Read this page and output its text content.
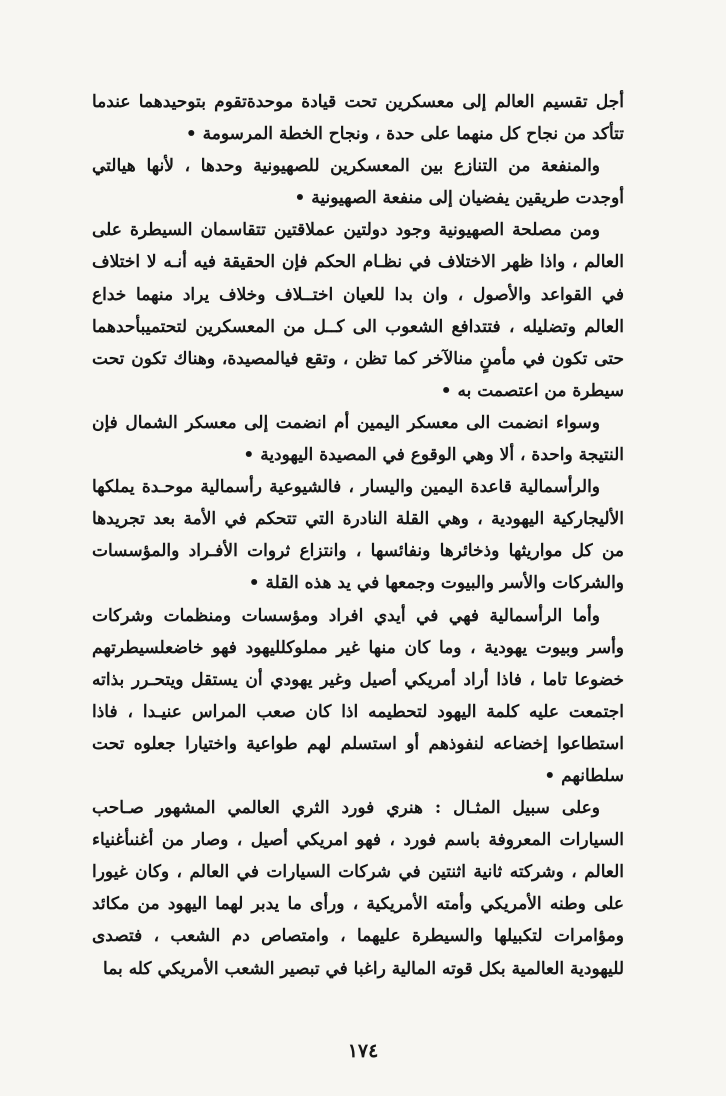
أجل تقسيم العالم إلى معسكرين تحت قيادة موحدةتقوم بتوحيدهما عندما تتأكد من نجاح كل منهما على حدة ، ونجاح الخطة المرسومة •

والمنفعة من التنازع بين المعسكرين للصهيونية وحدها ، لأنها هيالتي أوجدت طريقين يفضيان إلى منفعة الصهيونية •

ومن مصلحة الصهيونية وجود دولتين عملاقتين تتقاسمان السيطرة على العالم ، واذا ظهر الاختلاف في نظـام الحكم فإن الحقيقة فيه أنـه لا اختلاف في القواعد والأصول ، وان بدا للعيان اختــلاف وخلاف يراد منهما خداع العالم وتضليله ، فتتدافع الشعوب الى كــل من المعسكرين لتحتميبأحدهما حتى تكون في مأمنٍ منالآخر كما تظن ، وتقع فيالمصيدة، وهناك تكون تحت سيطرة من اعتصمت به •

وسواء انضمت الى معسكر اليمين أم انضمت إلى معسكر الشمال فإن النتيجة واحدة ، ألا وهي الوقوع في المصيدة اليهودية •

والرأسمالية قاعدة اليمين واليسار ، فالشيوعية رأسمالية موحـدة يملكها الأليجاركية اليهودية ، وهي القلة النادرة التي تتحكم في الأمة بعد تجريدها من كل مواريثها وذخائرها ونفائسها ، وانتزاع ثروات الأفـراد والمؤسسات والشركات والأسر والبيوت وجمعها في يد هذه القلة •

وأما الرأسمالية فهي في أيدي افراد ومؤسسات ومنظمات وشركات وأسر وبيوت يهودية ، وما كان منها غير مملوكلليهود فهو خاضعلسيطرتهم خضوعا تاما ، فاذا أراد أمريكي أصيل وغير يهودي أن يستقل ويتحـرر بذاته اجتمعت عليه كلمة اليهود لتحطيمه اذا كان صعب المراس عنيـدا ، فاذا استطاعوا إخضاعه لنفوذهم أو استسلم لهم طواعية واختيارا جعلوه تحت سلطانهم •

وعلى سبيل المثـال : هنري فورد الثري العالمي المشهور صـاحب السيارات المعروفة باسم فورد ، فهو امريكي أصيل ، وصار من أغنىأغنياء العالم ، وشركته ثانية اثنتين في شركات السيارات في العالم ، وكان غيورا على وطنه الأمريكي وأمته الأمريكية ، ورأى ما يدبر لهما اليهود من مكائد ومؤامرات لتكبيلها والسيطرة عليهما ، وامتصاص دم الشعب ، فتصدى لليهودية العالمية بكل قوته المالية راغبا في تبصير الشعب الأمريكي كله بما

١٧٤
